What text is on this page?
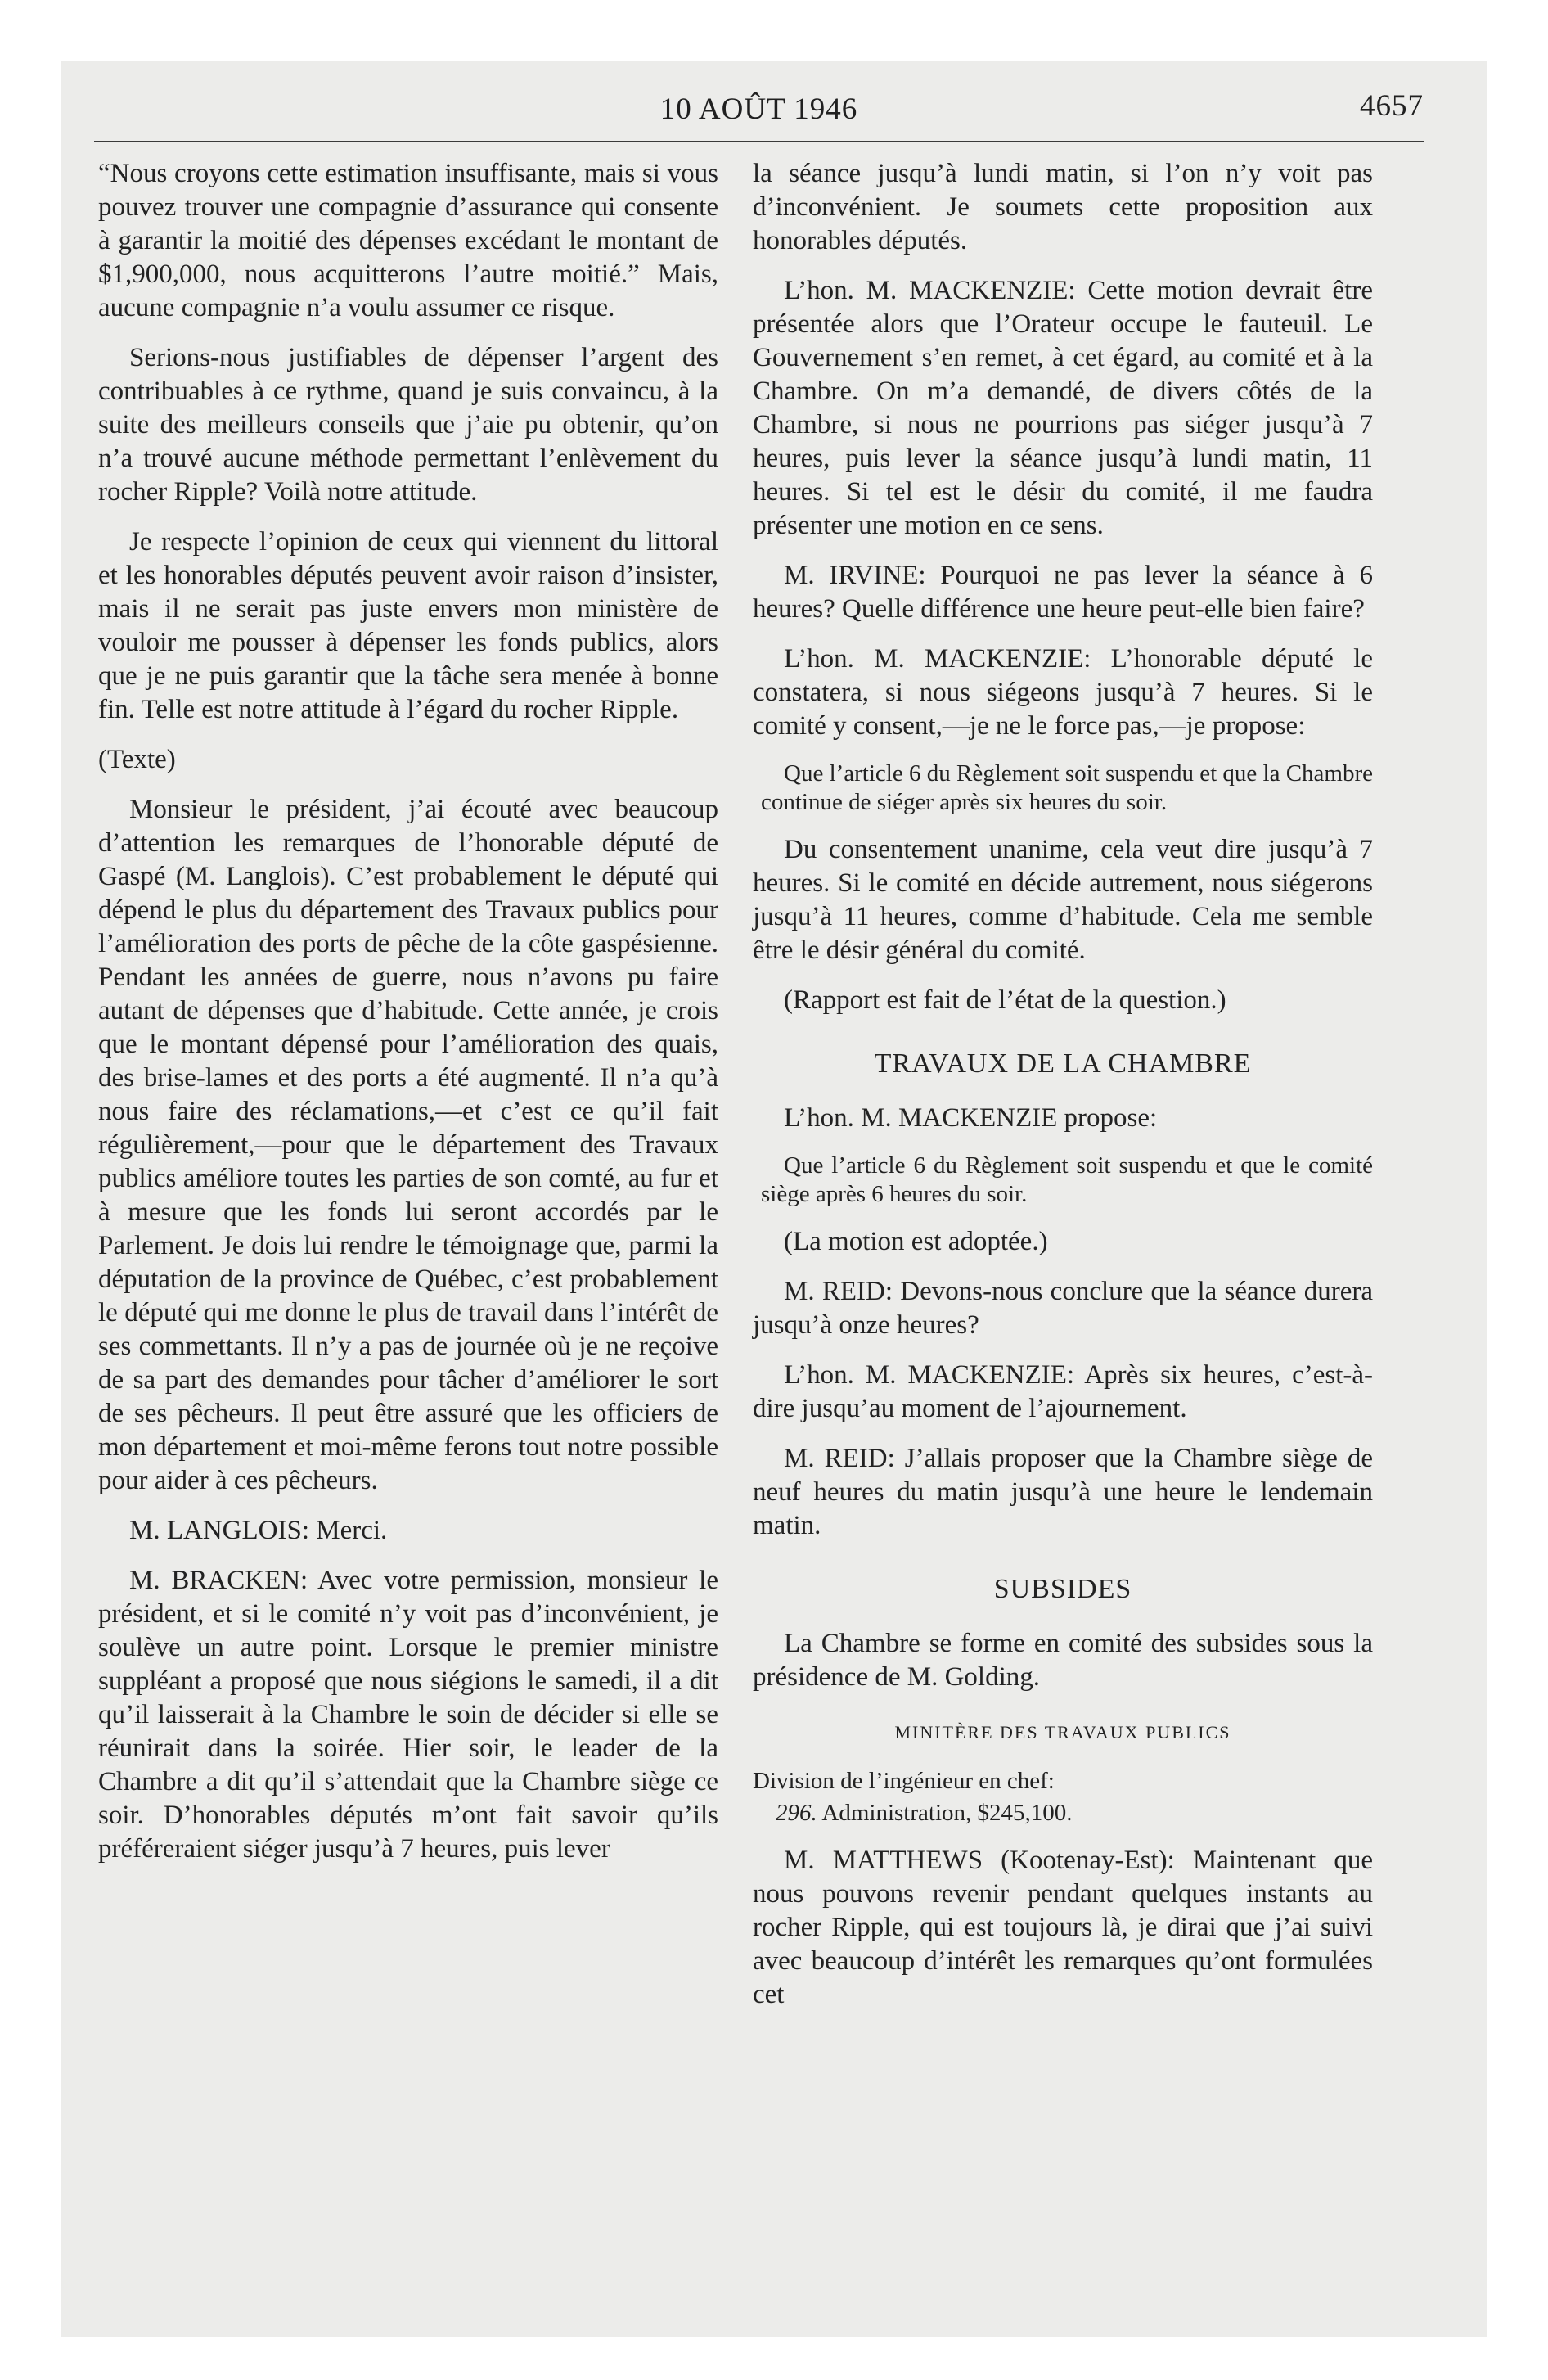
10 AOÛT 1946	4657

“Nous croyons cette estimation insuffisante, mais si vous pouvez trouver une compagnie d’assurance qui consente à garantir la moitié des dépenses excédant le montant de $1,900,000, nous acquitterons l’autre moitié.” Mais, aucune compagnie n’a voulu assumer ce risque.

Serions-nous justifiables de dépenser l’argent des contribuables à ce rythme, quand je suis convaincu, à la suite des meilleurs conseils que j’aie pu obtenir, qu’on n’a trouvé aucune méthode permettant l’enlèvement du rocher Ripple? Voilà notre attitude.

Je respecte l’opinion de ceux qui viennent du littoral et les honorables députés peuvent avoir raison d’insister, mais il ne serait pas juste envers mon ministère de vouloir me pousser à dépenser les fonds publics, alors que je ne puis garantir que la tâche sera menée à bonne fin. Telle est notre attitude à l’égard du rocher Ripple.

(Texte)

Monsieur le président, j’ai écouté avec beaucoup d’attention les remarques de l’honorable député de Gaspé (M. Langlois). C’est probablement le député qui dépend le plus du département des Travaux publics pour l’amélioration des ports de pêche de la côte gaspésienne. Pendant les années de guerre, nous n’avons pu faire autant de dépenses que d’habitude. Cette année, je crois que le montant dépensé pour l’amélioration des quais, des brise-lames et des ports a été augmenté. Il n’a qu’à nous faire des réclamations,—et c’est ce qu’il fait régulièrement,—pour que le département des Travaux publics améliore toutes les parties de son comté, au fur et à mesure que les fonds lui seront accordés par le Parlement. Je dois lui rendre le témoignage que, parmi la députation de la province de Québec, c’est probablement le député qui me donne le plus de travail dans l’intérêt de ses commettants. Il n’y a pas de journée où je ne reçoive de sa part des demandes pour tâcher d’améliorer le sort de ses pêcheurs. Il peut être assuré que les officiers de mon département et moi-même ferons tout notre possible pour aider à ces pêcheurs.

M. LANGLOIS: Merci.

M. BRACKEN: Avec votre permission, monsieur le président, et si le comité n’y voit pas d’inconvénient, je soulève un autre point. Lorsque le premier ministre suppléant a proposé que nous siégions le samedi, il a dit qu’il laisserait à la Chambre le soin de décider si elle se réunirait dans la soirée. Hier soir, le leader de la Chambre a dit qu’il s’attendait que la Chambre siège ce soir. D’honorables députés m’ont fait savoir qu’ils préféreraient siéger jusqu’à 7 heures, puis lever

la séance jusqu’à lundi matin, si l’on n’y voit pas d’inconvénient. Je soumets cette proposition aux honorables députés.

L’hon. M. MACKENZIE: Cette motion devrait être présentée alors que l’Orateur occupe le fauteuil. Le Gouvernement s’en remet, à cet égard, au comité et à la Chambre. On m’a demandé, de divers côtés de la Chambre, si nous ne pourrions pas siéger jusqu’à 7 heures, puis lever la séance jusqu’à lundi matin, 11 heures. Si tel est le désir du comité, il me faudra présenter une motion en ce sens.

M. IRVINE: Pourquoi ne pas lever la séance à 6 heures? Quelle différence une heure peut-elle bien faire?

L’hon. M. MACKENZIE: L’honorable député le constatera, si nous siégeons jusqu’à 7 heures. Si le comité y consent,—je ne le force pas,—je propose:

Que l’article 6 du Règlement soit suspendu et que la Chambre continue de siéger après six heures du soir.

Du consentement unanime, cela veut dire jusqu’à 7 heures. Si le comité en décide autrement, nous siégerons jusqu’à 11 heures, comme d’habitude. Cela me semble être le désir général du comité.

(Rapport est fait de l’état de la question.)

TRAVAUX DE LA CHAMBRE

L’hon. M. MACKENZIE propose:

Que l’article 6 du Règlement soit suspendu et que le comité siège après 6 heures du soir.

(La motion est adoptée.)

M. REID: Devons-nous conclure que la séance durera jusqu’à onze heures?

L’hon. M. MACKENZIE: Après six heures, c’est-à-dire jusqu’au moment de l’ajournement.

M. REID: J’allais proposer que la Chambre siège de neuf heures du matin jusqu’à une heure le lendemain matin.

SUBSIDES

La Chambre se forme en comité des subsides sous la présidence de M. Golding.

MINITÈRE DES TRAVAUX PUBLICS

Division de l’ingénieur en chef:

296. Administration, $245,100.

M. MATTHEWS (Kootenay-Est): Maintenant que nous pouvons revenir pendant quelques instants au rocher Ripple, qui est toujours là, je dirai que j’ai suivi avec beaucoup d’intérêt les remarques qu’ont formulées cet
